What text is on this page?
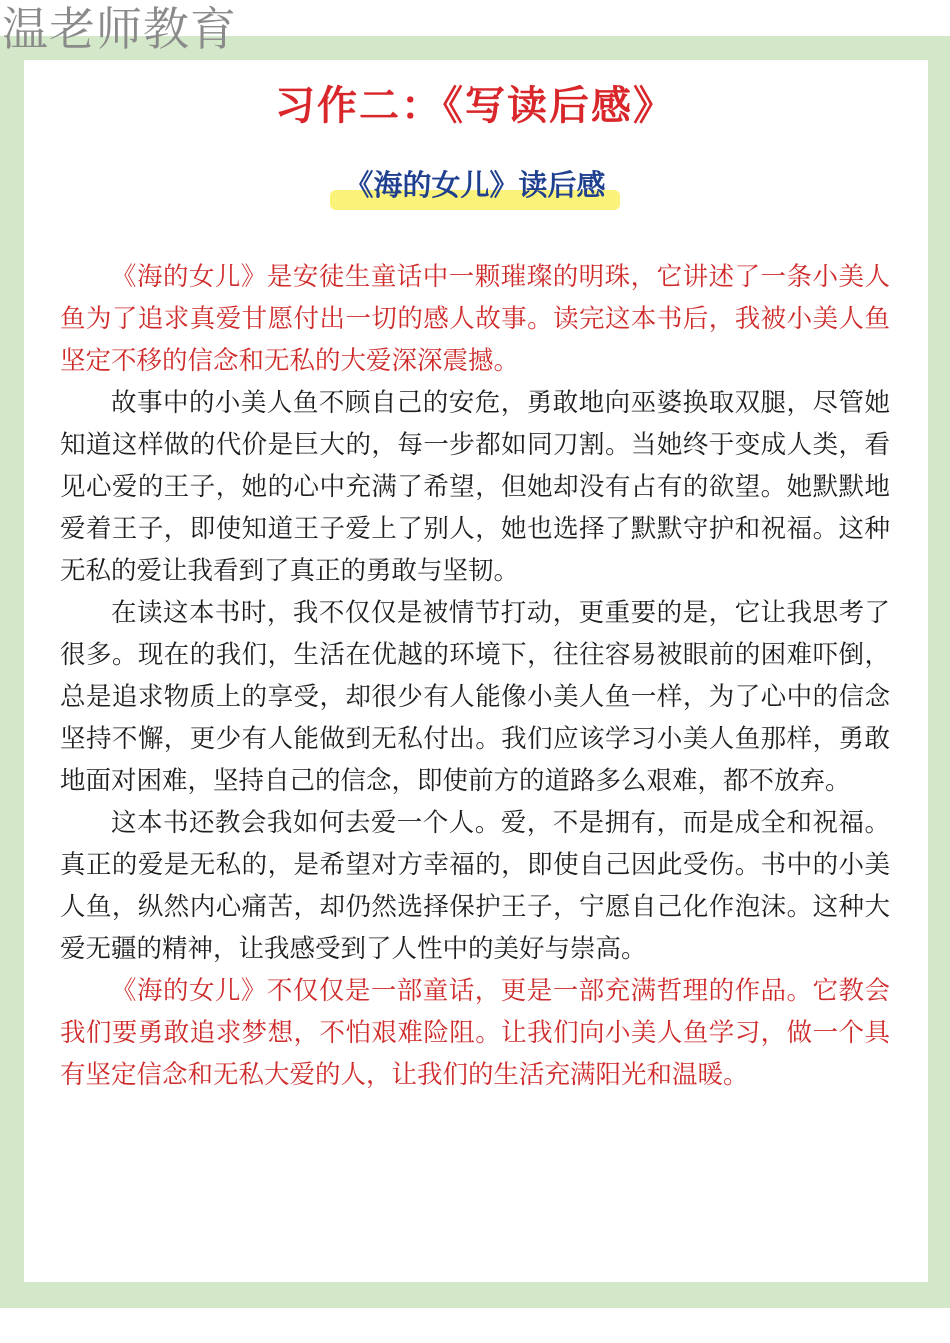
温老师教育
习作二：《写读后感》
《海的女儿》读后感

《海的女儿》是安徒生童话中一颗璀璨的明珠，它讲述了一条小美人鱼为了追求真爱甘愿付出一切的感人故事。读完这本书后，我被小美人鱼坚定不移的信念和无私的大爱深深震撼。

故事中的小美人鱼不顾自己的安危，勇敢地向巫婆换取双腿，尽管她知道这样做的代价是巨大的，每一步都如同刀割。当她终于变成人类，看见心爱的王子，她的心中充满了希望，但她却没有占有的欲望。她默默地爱着王子，即使知道王子爱上了别人，她也选择了默默守护和祝福。这种无私的爱让我看到了真正的勇敢与坚韧。

在读这本书时，我不仅仅是被情节打动，更重要的是，它让我思考了很多。现在的我们，生活在优越的环境下，往往容易被眼前的困难吓倒，总是追求物质上的享受，却很少有人能像小美人鱼一样，为了心中的信念坚持不懈，更少有人能做到无私付出。我们应该学习小美人鱼那样，勇敢地面对困难，坚持自己的信念，即使前方的道路多么艰难，都不放弃。

这本书还教会我如何去爱一个人。爱，不是拥有，而是成全和祝福。真正的爱是无私的，是希望对方幸福的，即使自己因此受伤。书中的小美人鱼，纵然内心痛苦，却仍然选择保护王子，宁愿自己化作泡沫。这种大爱无疆的精神，让我感受到了人性中的美好与崇高。

《海的女儿》不仅仅是一部童话，更是一部充满哲理的作品。它教会我们要勇敢追求梦想，不怕艰难险阻。让我们向小美人鱼学习，做一个具有坚定信念和无私大爱的人，让我们的生活充满阳光和温暖。
